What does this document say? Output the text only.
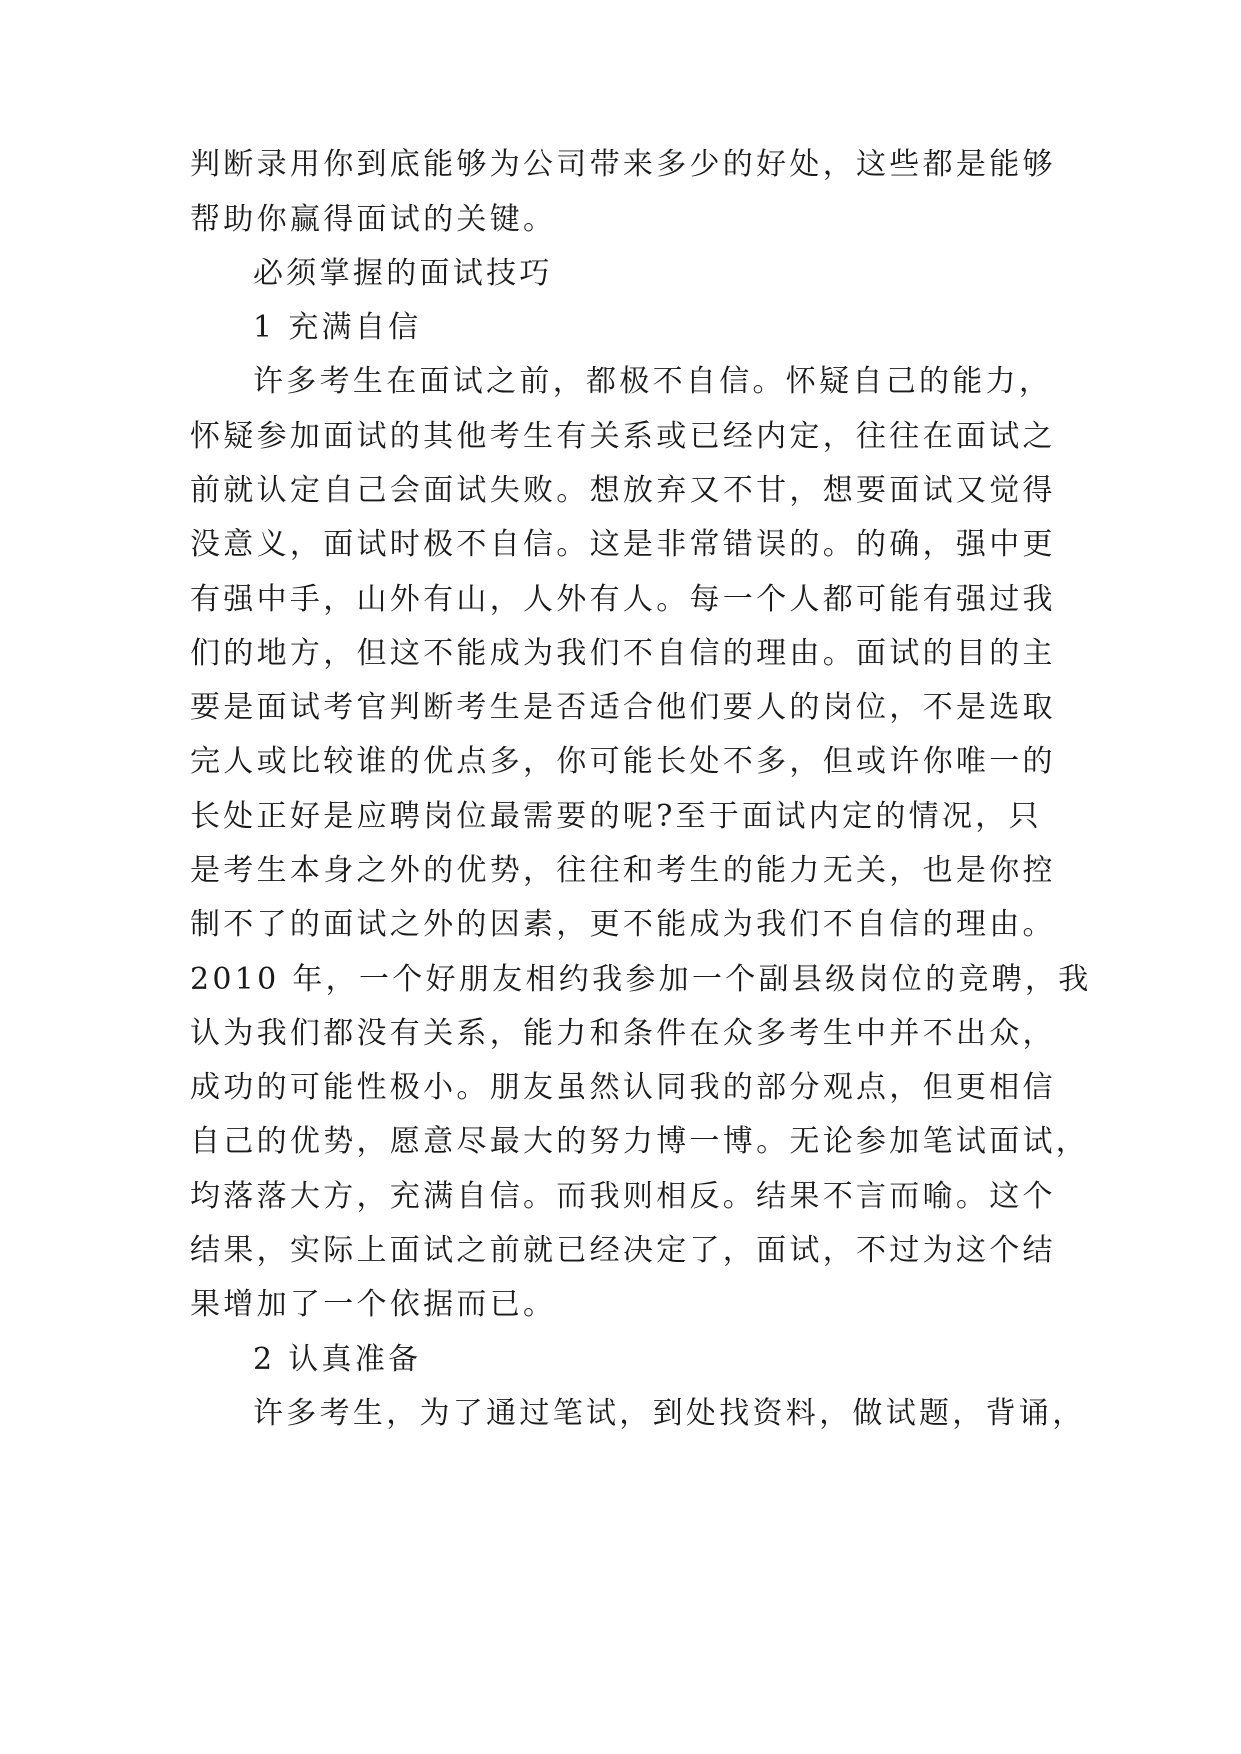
判断录用你到底能够为公司带来多少的好处，这些都是能够
帮助你赢得面试的关键。
必须掌握的面试技巧
1 充满自信
许多考生在面试之前，都极不自信。怀疑自己的能力，
怀疑参加面试的其他考生有关系或已经内定，往往在面试之
前就认定自己会面试失败。想放弃又不甘，想要面试又觉得
没意义，面试时极不自信。这是非常错误的。的确，强中更
有强中手，山外有山，人外有人。每一个人都可能有强过我
们的地方，但这不能成为我们不自信的理由。面试的目的主
要是面试考官判断考生是否适合他们要人的岗位，不是选取
完人或比较谁的优点多，你可能长处不多，但或许你唯一的
长处正好是应聘岗位最需要的呢?至于面试内定的情况，只
是考生本身之外的优势，往往和考生的能力无关，也是你控
制不了的面试之外的因素，更不能成为我们不自信的理由。
2010 年，一个好朋友相约我参加一个副县级岗位的竞聘，我
认为我们都没有关系，能力和条件在众多考生中并不出众，
成功的可能性极小。朋友虽然认同我的部分观点，但更相信
自己的优势，愿意尽最大的努力博一博。无论参加笔试面试，
均落落大方，充满自信。而我则相反。结果不言而喻。这个
结果，实际上面试之前就已经决定了，面试，不过为这个结
果增加了一个依据而已。
2 认真准备
许多考生，为了通过笔试，到处找资料，做试题，背诵，
